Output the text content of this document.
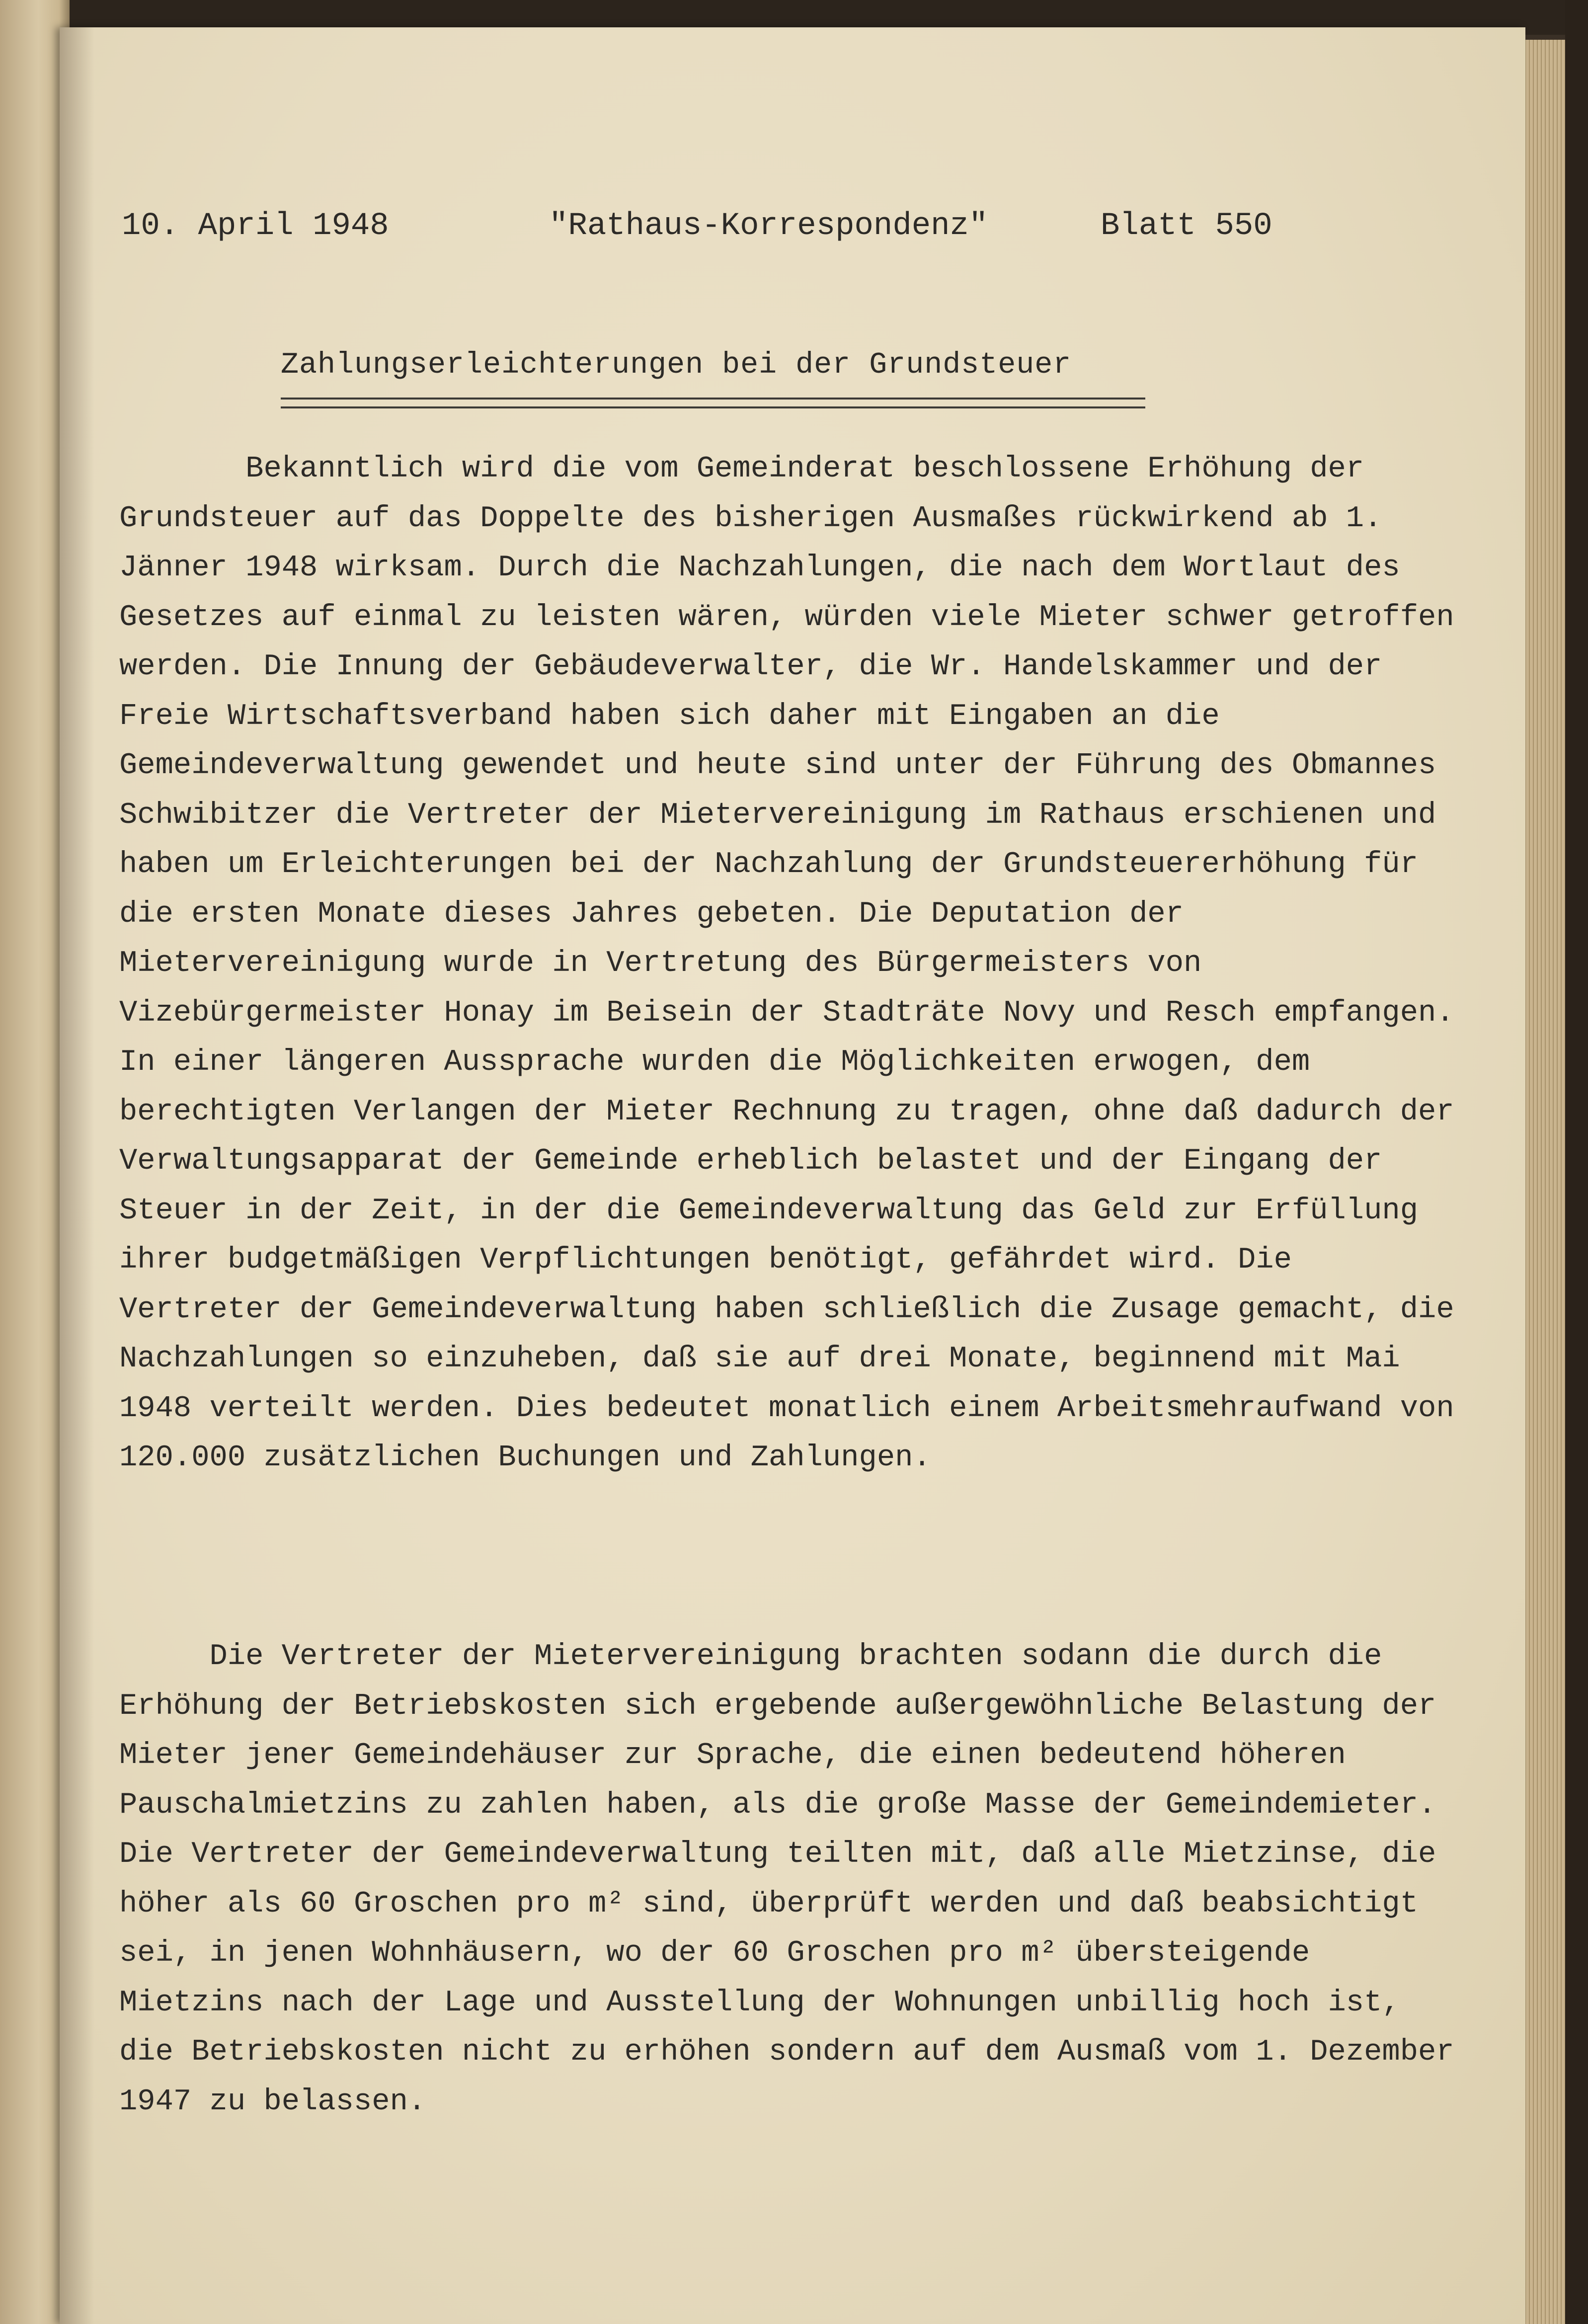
10. April 1948	"Rathaus-Korrespondenz"	Blatt 550
Zahlungserleichterungen bei der Grundsteuer
Bekanntlich wird die vom Gemeinderat beschlossene Erhöhung der Grundsteuer auf das Doppelte des bisherigen Ausmaßes rückwirkend ab 1. Jänner 1948 wirksam. Durch die Nachzahlungen, die nach dem Wortlaut des Gesetzes auf einmal zu leisten wären, würden viele Mieter schwer getroffen werden. Die Innung der Gebäudeverwalter, die Wr. Handelskammer und der Freie Wirtschaftsverband haben sich daher mit Eingaben an die Gemeindeverwaltung gewendet und heute sind unter der Führung des Obmannes Schwibitzer die Vertreter der Mietervereinigung im Rathaus erschienen und haben um Erleichterungen bei der Nachzahlung der Grundsteuererhöhung für die ersten Monate dieses Jahres gebeten. Die Deputation der Mietervereinigung wurde in Vertretung des Bürgermeisters von Vizebürgermeister Honay im Beisein der Stadträte Novy und Resch empfangen. In einer längeren Aussprache wurden die Möglichkeiten erwogen, dem berechtigten Verlangen der Mieter Rechnung zu tragen, ohne daß dadurch der Verwaltungsapparat der Gemeinde erheblich belastet und der Eingang der Steuer in der Zeit, in der die Gemeindeverwaltung das Geld zur Erfüllung ihrer budgetmäßigen Verpflichtungen benötigt, gefährdet wird. Die Vertreter der Gemeindeverwaltung haben schließlich die Zusage gemacht, die Nachzahlungen so einzuheben, daß sie auf drei Monate, beginnend mit Mai 1948 verteilt werden. Dies bedeutet monatlich einem Arbeitsmehraufwand von 120.000 zusätzlichen Buchungen und Zahlungen.
Die Vertreter der Mietervereinigung brachten sodann die durch die Erhöhung der Betriebskosten sich ergebende außergewöhnliche Belastung der Mieter jener Gemeindehäuser zur Sprache, die einen bedeutend höheren Pauschalmietzins zu zahlen haben, als die große Masse der Gemeindemieter. Die Vertreter der Gemeindeverwaltung teilten mit, daß alle Mietzinse, die höher als 60 Groschen pro m² sind, überprüft werden und daß beabsichtigt sei, in jenen Wohnhäusern, wo der 60 Groschen pro m² übersteigende Mietzins nach der Lage und Ausstellung der Wohnungen unbillig hoch ist, die Betriebskosten nicht zu erhöhen sondern auf dem Ausmaß vom 1. Dezember 1947 zu belassen.
